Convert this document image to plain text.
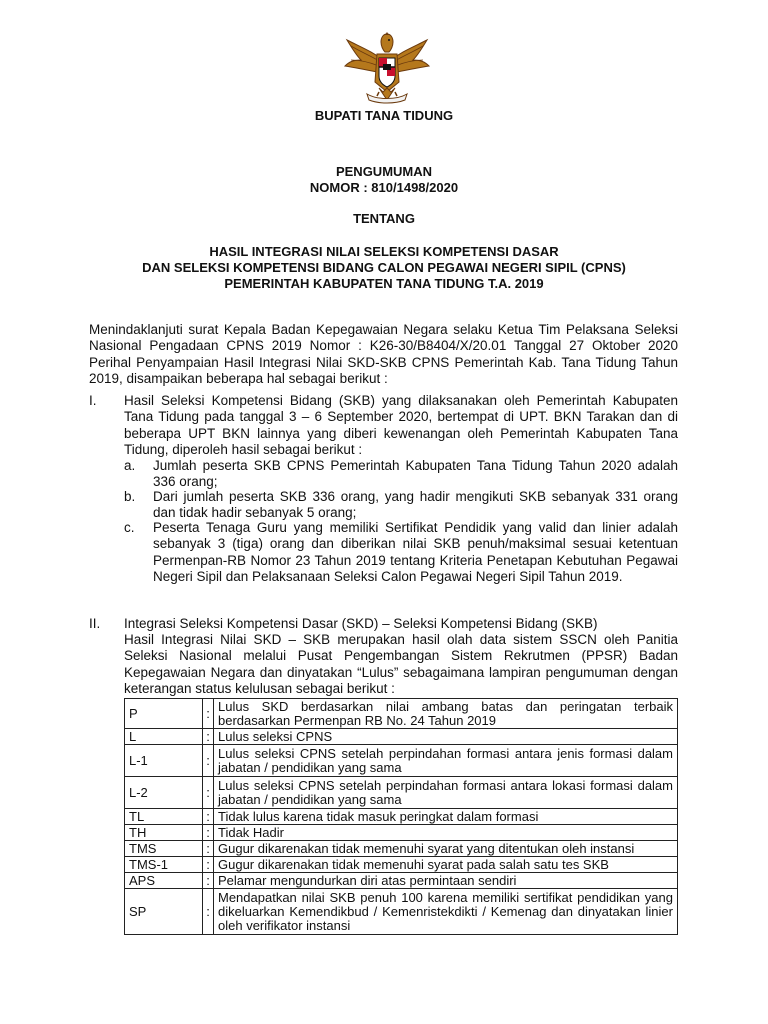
BUPATI TANA TIDUNG
PENGUMUMAN
NOMOR : 810/1498/2020
TENTANG
HASIL INTEGRASI NILAI SELEKSI KOMPETENSI DASAR
DAN SELEKSI KOMPETENSI BIDANG CALON PEGAWAI NEGERI SIPIL (CPNS)
PEMERINTAH KABUPATEN TANA TIDUNG T.A. 2019
Menindaklanjuti surat Kepala Badan Kepegawaian Negara selaku Ketua Tim Pelaksana Seleksi Nasional Pengadaan CPNS 2019 Nomor : K26-30/B8404/X/20.01 Tanggal 27 Oktober 2020 Perihal Penyampaian Hasil Integrasi Nilai SKD-SKB CPNS Pemerintah Kab. Tana Tidung Tahun 2019, disampaikan beberapa hal sebagai berikut :
I. Hasil Seleksi Kompetensi Bidang (SKB) yang dilaksanakan oleh Pemerintah Kabupaten Tana Tidung pada tanggal 3 – 6 September 2020, bertempat di UPT. BKN Tarakan dan di beberapa UPT BKN lainnya yang diberi kewenangan oleh Pemerintah Kabupaten Tana Tidung, diperoleh hasil sebagai berikut :
a. Jumlah peserta SKB CPNS Pemerintah Kabupaten Tana Tidung Tahun 2020 adalah 336 orang;
b. Dari jumlah peserta SKB 336 orang, yang hadir mengikuti SKB sebanyak 331 orang dan tidak hadir sebanyak 5 orang;
c. Peserta Tenaga Guru yang memiliki Sertifikat Pendidik yang valid dan linier adalah sebanyak 3 (tiga) orang dan diberikan nilai SKB penuh/maksimal sesuai ketentuan Permenpan-RB Nomor 23 Tahun 2019 tentang Kriteria Penetapan Kebutuhan Pegawai Negeri Sipil dan Pelaksanaan Seleksi Calon Pegawai Negeri Sipil Tahun 2019.
II. Integrasi Seleksi Kompetensi Dasar (SKD) – Seleksi Kompetensi Bidang (SKB)
Hasil Integrasi Nilai SKD – SKB merupakan hasil olah data sistem SSCN oleh Panitia Seleksi Nasional melalui Pusat Pengembangan Sistem Rekrutmen (PPSR) Badan Kepegawaian Negara dan dinyatakan “Lulus” sebagaimana lampiran pengumuman dengan keterangan status kelulusan sebagai berikut :
P	:	Lulus SKD berdasarkan nilai ambang batas dan peringatan terbaik berdasarkan Permenpan RB No. 24 Tahun 2019
L	:	Lulus seleksi CPNS
L-1	:	Lulus seleksi CPNS setelah perpindahan formasi antara jenis formasi dalam jabatan / pendidikan yang sama
L-2	:	Lulus seleksi CPNS setelah perpindahan formasi antara lokasi formasi dalam jabatan / pendidikan yang sama
TL	:	Tidak lulus karena tidak masuk peringkat dalam formasi
TH	:	Tidak Hadir
TMS	:	Gugur dikarenakan tidak memenuhi syarat yang ditentukan oleh instansi
TMS-1	:	Gugur dikarenakan tidak memenuhi syarat pada salah satu tes SKB
APS	:	Pelamar mengundurkan diri atas permintaan sendiri
SP	:	Mendapatkan nilai SKB penuh 100 karena memiliki sertifikat pendidikan yang dikeluarkan Kemendikbud / Kemenristekdikti / Kemenag dan dinyatakan linier oleh verifikator instansi
